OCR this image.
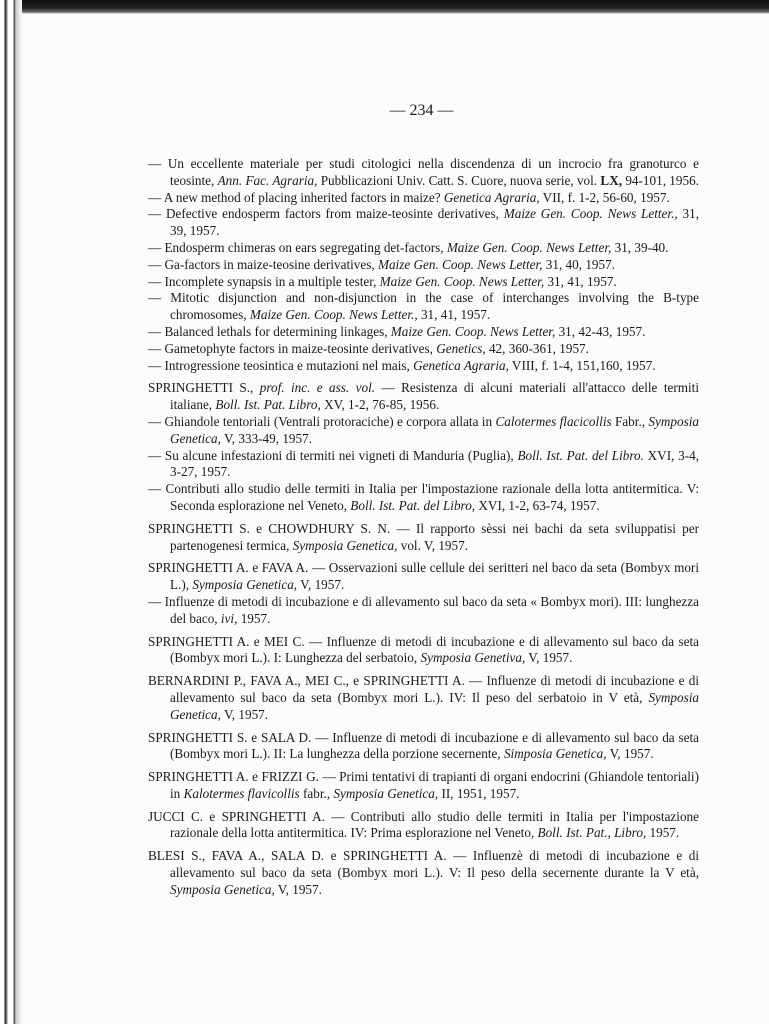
— 234 —
— Un eccellente materiale per studi citologici nella discendenza di un incrocio fra granoturco e teosinte, Ann. Fac. Agraria, Pubblicazioni Univ. Catt. S. Cuore, nuova serie, vol. LX, 94-101, 1956.
— A new method of placing inherited factors in maize? Genetica Agraria, VII, f. 1-2, 56-60, 1957.
— Defective endosperm factors from maize-teosinte derivatives, Maize Gen. Coop. News Letter., 31, 39, 1957.
— Endosperm chimeras on ears segregating det-factors, Maize Gen. Coop. News Letter, 31, 39-40.
— Ga-factors in maize-teosine derivatives, Maize Gen. Coop. News Letter, 31, 40, 1957.
— Incomplete synapsis in a multiple tester, Maize Gen. Coop. News Letter, 31, 41, 1957.
— Mitotic disjunction and non-disjunction in the case of interchanges involving the B-type chromosomes, Maize Gen. Coop. News Letter., 31, 41, 1957.
— Balanced lethals for determining linkages, Maize Gen. Coop. News Letter, 31, 42-43, 1957.
— Gametophyte factors in maize-teosinte derivatives, Genetics, 42, 360-361, 1957.
— Introgressione teosintica e mutazioni nel mais, Genetica Agraria, VIII, f. 1-4, 151,160, 1957.
SPRINGHETTI S., prof. inc. e ass. vol. — Resistenza di alcuni materiali all'attacco delle termiti italiane, Boll. Ist. Pat. Libro, XV, 1-2, 76-85, 1956.
— Ghiandole tentoriali (Ventrali protoraciche) e corpora allata in Calotermes flacicollis Fabr., Symposia Genetica, V, 333-49, 1957.
— Su alcune infestazioni di termiti nei vigneti di Manduria (Puglia), Boll. Ist. Pat. del Libro. XVI, 3-4, 3-27, 1957.
— Contributi allo studio delle termiti in Italia per l'impostazione razionale della lotta antitermitica. V: Seconda esplorazione nel Veneto, Boll. Ist. Pat. del Libro, XVI, 1-2, 63-74, 1957.
SPRINGHETTI S. e CHOWDHURY S. N. — Il rapporto sèssi nei bachi da seta sviluppatisi per partenogenesi termica, Symposia Genetica, vol. V, 1957.
SPRINGHETTI A. e FAVA A. — Osservazioni sulle cellule dei seritteri nel baco da seta (Bombyx mori L.), Symposia Genetica, V, 1957.
— Influenze di metodi di incubazione e di allevamento sul baco da seta « Bombyx mori). III: lunghezza del baco, ivi, 1957.
SPRINGHETTI A. e MEI C. — Influenze di metodi di incubazione e di allevamento sul baco da seta (Bombyx mori L.). I: Lunghezza del serbatoio, Symposia Genetiva, V, 1957.
BERNARDINI P., FAVA A., MEI C., e SPRINGHETTI A. — Influenze di metodi di incubazione e di allevamento sul baco da seta (Bombyx mori L.). IV: Il peso del serbatoio in V età, Symposia Genetica, V, 1957.
SPRINGHETTI S. e SALA D. — Influenze di metodi di incubazione e di allevamento sul baco da seta (Bombyx mori L.). II: La lunghezza della porzione secernente, Simposia Genetica, V, 1957.
SPRINGHETTI A. e FRIZZI G. — Primi tentativi di trapianti di organi endocrini (Ghiandole tentoriali) in Kalotermes flavicollis fabr., Symposia Genetica, II, 1951, 1957.
JUCCI C. e SPRINGHETTI A. — Contributi allo studio delle termiti in Italia per l'impostazione razionale della lotta antitermitica. IV: Prima esplorazione nel Veneto, Boll. Ist. Pat., Libro, 1957.
BLESI S., FAVA A., SALA D. e SPRINGHETTI A. — Influenzè di metodi di incubazione e di allevamento sul baco da seta (Bombyx mori L.). V: Il peso della secernente durante la V età, Symposia Genetica, V, 1957.
